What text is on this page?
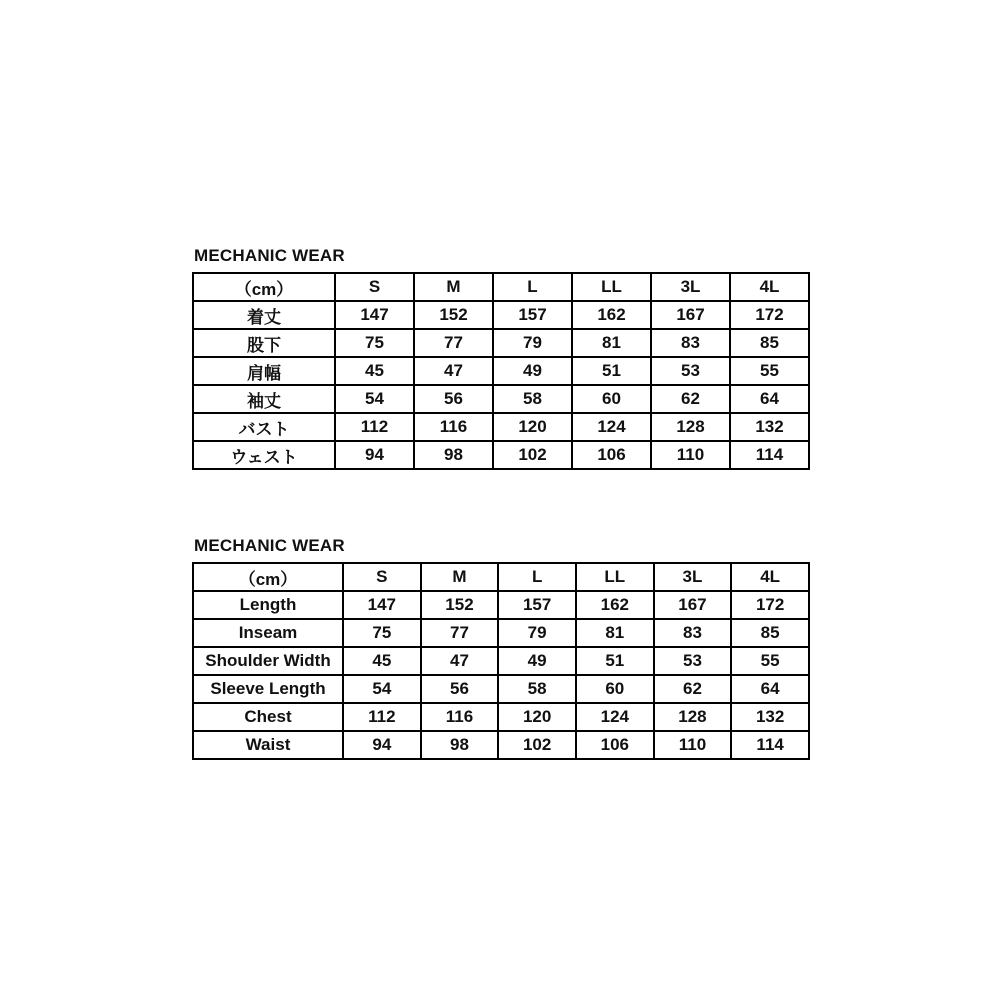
MECHANIC WEAR
（cm）	S	M	L	LL	3L	4L
着丈	147	152	157	162	167	172
股下	75	77	79	81	83	85
肩幅	45	47	49	51	53	55
袖丈	54	56	58	60	62	64
バスト	112	116	120	124	128	132
ウェスト	94	98	102	106	110	114
MECHANIC WEAR
（cm）	S	M	L	LL	3L	4L
Length	147	152	157	162	167	172
Inseam	75	77	79	81	83	85
Shoulder Width	45	47	49	51	53	55
Sleeve Length	54	56	58	60	62	64
Chest	112	116	120	124	128	132
Waist	94	98	102	106	110	114
